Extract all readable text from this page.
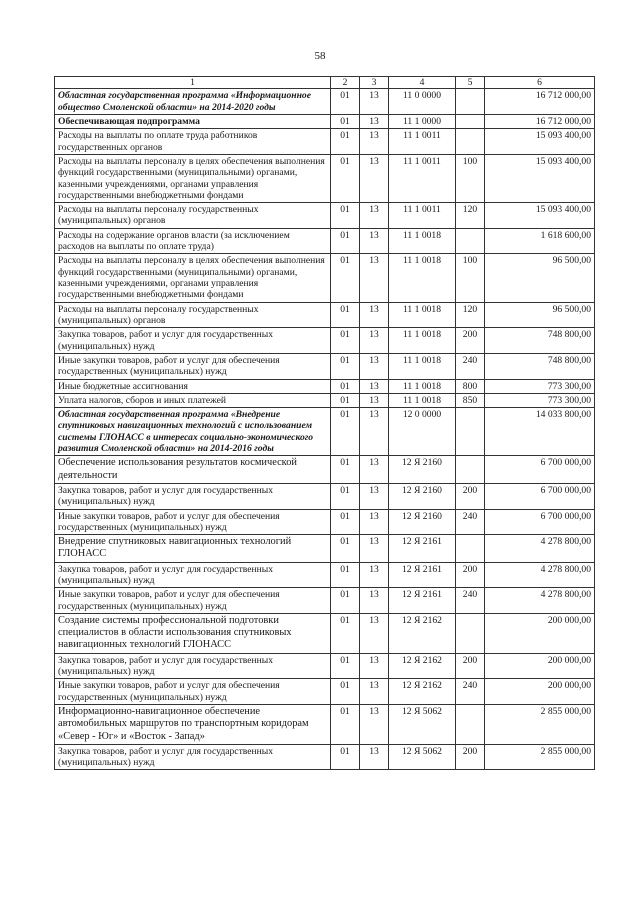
58
1	2	3	4	5	6
Областная государственная программа «Информационное общество Смоленской области» на 2014-2020 годы	01	13	11 0 0000		16 712 000,00
Обеспечивающая подпрограмма	01	13	11 1 0000		16 712 000,00
Расходы на выплаты по оплате труда работников государственных органов	01	13	11 1 0011		15 093 400,00
Расходы на выплаты персоналу в целях обеспечения выполнения функций государственными (муниципальными) органами, казенными учреждениями, органами управления государственными внебюджетными фондами	01	13	11 1 0011	100	15 093 400,00
Расходы на выплаты персоналу государственных (муниципальных) органов	01	13	11 1 0011	120	15 093 400,00
Расходы на содержание органов власти (за исключением расходов на выплаты по оплате труда)	01	13	11 1 0018		1 618 600,00
Расходы на выплаты персоналу в целях обеспечения выполнения функций государственными (муниципальными) органами, казенными учреждениями, органами управления государственными внебюджетными фондами	01	13	11 1 0018	100	96 500,00
Расходы на выплаты персоналу государственных (муниципальных) органов	01	13	11 1 0018	120	96 500,00
Закупка товаров, работ и услуг для государственных (муниципальных) нужд	01	13	11 1 0018	200	748 800,00
Иные закупки товаров, работ и услуг для обеспечения государственных (муниципальных) нужд	01	13	11 1 0018	240	748 800,00
Иные бюджетные ассигнования	01	13	11 1 0018	800	773 300,00
Уплата налогов, сборов и иных платежей	01	13	11 1 0018	850	773 300,00
Областная государственная программа «Внедрение спутниковых навигационных технологий с использованием системы ГЛОНАСС в интересах социально-экономического развития Смоленской области» на 2014-2016 годы	01	13	12 0 0000		14 033 800,00
Обеспечение использования результатов космической деятельности	01	13	12 Я 2160		6 700 000,00
Закупка товаров, работ и услуг для государственных (муниципальных) нужд	01	13	12 Я 2160	200	6 700 000,00
Иные закупки товаров, работ и услуг для обеспечения государственных (муниципальных) нужд	01	13	12 Я 2160	240	6 700 000,00
Внедрение спутниковых навигационных технологий ГЛОНАСС	01	13	12 Я 2161		4 278 800,00
Закупка товаров, работ и услуг для государственных (муниципальных) нужд	01	13	12 Я 2161	200	4 278 800,00
Иные закупки товаров, работ и услуг для обеспечения государственных (муниципальных) нужд	01	13	12 Я 2161	240	4 278 800,00
Создание системы профессиональной подготовки специалистов в области использования спутниковых навигационных технологий ГЛОНАСС	01	13	12 Я 2162		200 000,00
Закупка товаров, работ и услуг для государственных (муниципальных) нужд	01	13	12 Я 2162	200	200 000,00
Иные закупки товаров, работ и услуг для обеспечения государственных (муниципальных) нужд	01	13	12 Я 2162	240	200 000,00
Информационно-навигационное обеспечение автомобильных маршрутов по транспортным коридорам «Север - Юг» и «Восток - Запад»	01	13	12 Я 5062		2 855 000,00
Закупка товаров, работ и услуг для государственных (муниципальных) нужд	01	13	12 Я 5062	200	2 855 000,00
